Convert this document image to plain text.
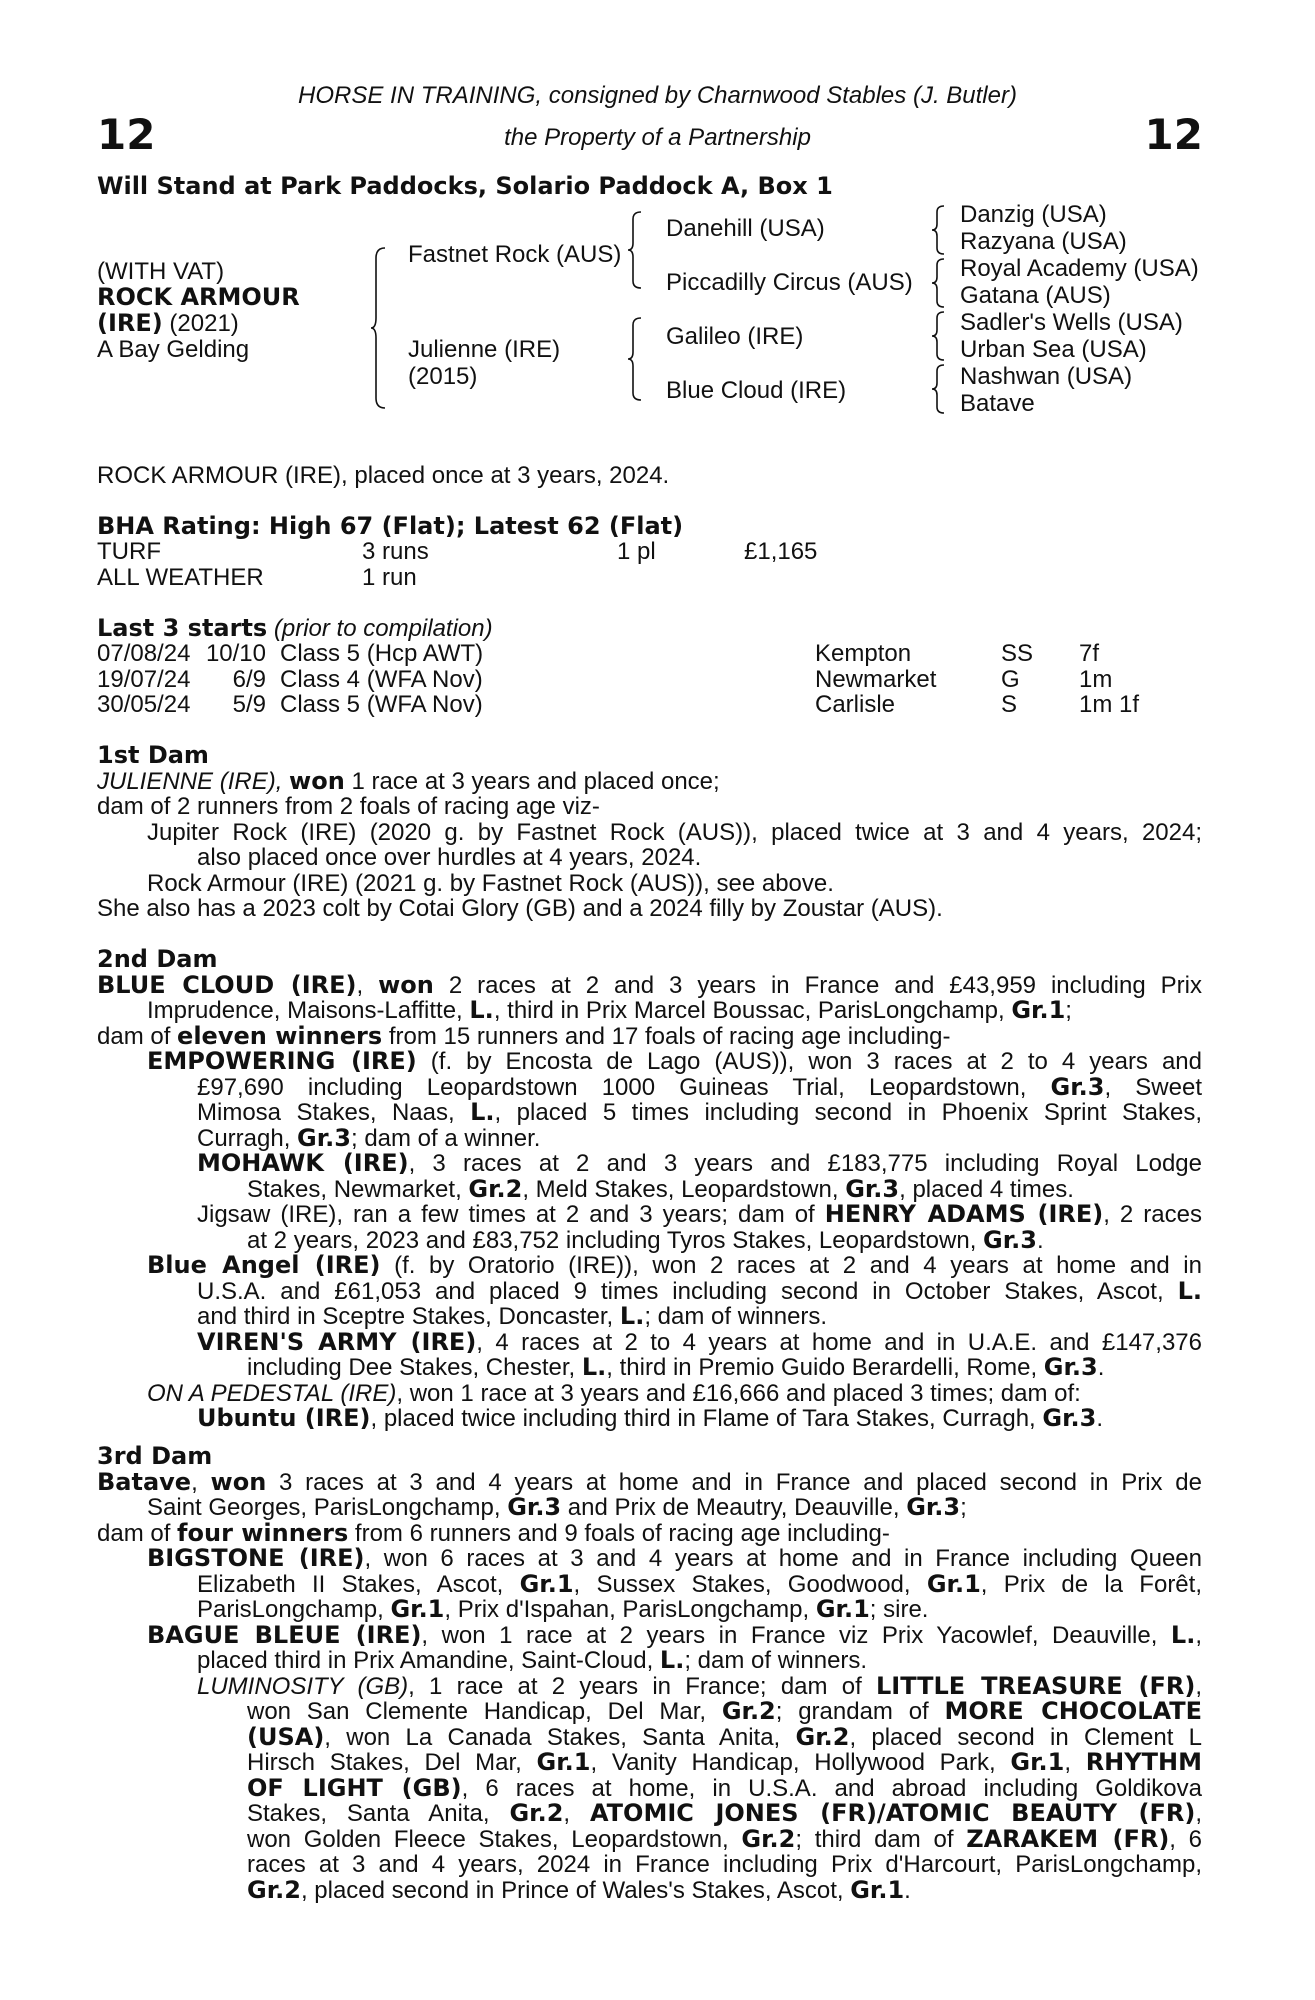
HORSE IN TRAINING, consigned by Charnwood Stables (J. Butler)
the Property of a Partnership
12	12
Will Stand at Park Paddocks, Solario Paddock A, Box 1
(WITH VAT)
ROCK ARMOUR
(IRE) (2021)
A Bay Gelding
Fastnet Rock (AUS)
Julienne (IRE)
(2015)
Danehill (USA)
Piccadilly Circus (AUS)
Galileo (IRE)
Blue Cloud (IRE)
Danzig (USA)
Razyana (USA)
Royal Academy (USA)
Gatana (AUS)
Sadler's Wells (USA)
Urban Sea (USA)
Nashwan (USA)
Batave
ROCK ARMOUR (IRE), placed once at 3 years, 2024.
BHA Rating: High 67 (Flat); Latest 62 (Flat)
TURF	3 runs	1 pl	£1,165
ALL WEATHER	1 run		
Last 3 starts (prior to compilation)
07/08/24	10/10	Class 5 (Hcp AWT)	Kempton	SS	7f
19/07/24	6/9	Class 4 (WFA Nov)	Newmarket	G	1m
30/05/24	5/9	Class 5 (WFA Nov)	Carlisle	S	1m 1f
1st Dam
JULIENNE (IRE), won 1 race at 3 years and placed once;
dam of 2 runners from 2 foals of racing age viz-
Jupiter Rock (IRE) (2020 g. by Fastnet Rock (AUS)), placed twice at 3 and 4 years, 2024;
also placed once over hurdles at 4 years, 2024.
Rock Armour (IRE) (2021 g. by Fastnet Rock (AUS)), see above.
She also has a 2023 colt by Cotai Glory (GB) and a 2024 filly by Zoustar (AUS).
2nd Dam
BLUE CLOUD (IRE), won 2 races at 2 and 3 years in France and £43,959 including Prix
Imprudence, Maisons-Laffitte, L., third in Prix Marcel Boussac, ParisLongchamp, Gr.1;
dam of eleven winners from 15 runners and 17 foals of racing age including-
EMPOWERING (IRE) (f. by Encosta de Lago (AUS)), won 3 races at 2 to 4 years and
£97,690 including Leopardstown 1000 Guineas Trial, Leopardstown, Gr.3, Sweet
Mimosa Stakes, Naas, L., placed 5 times including second in Phoenix Sprint Stakes,
Curragh, Gr.3; dam of a winner.
MOHAWK (IRE), 3 races at 2 and 3 years and £183,775 including Royal Lodge
Stakes, Newmarket, Gr.2, Meld Stakes, Leopardstown, Gr.3, placed 4 times.
Jigsaw (IRE), ran a few times at 2 and 3 years; dam of HENRY ADAMS (IRE), 2 races
at 2 years, 2023 and £83,752 including Tyros Stakes, Leopardstown, Gr.3.
Blue Angel (IRE) (f. by Oratorio (IRE)), won 2 races at 2 and 4 years at home and in
U.S.A. and £61,053 and placed 9 times including second in October Stakes, Ascot, L.
and third in Sceptre Stakes, Doncaster, L.; dam of winners.
VIREN'S ARMY (IRE), 4 races at 2 to 4 years at home and in U.A.E. and £147,376
including Dee Stakes, Chester, L., third in Premio Guido Berardelli, Rome, Gr.3.
ON A PEDESTAL (IRE), won 1 race at 3 years and £16,666 and placed 3 times; dam of:
Ubuntu (IRE), placed twice including third in Flame of Tara Stakes, Curragh, Gr.3.
3rd Dam
Batave, won 3 races at 3 and 4 years at home and in France and placed second in Prix de
Saint Georges, ParisLongchamp, Gr.3 and Prix de Meautry, Deauville, Gr.3;
dam of four winners from 6 runners and 9 foals of racing age including-
BIGSTONE (IRE), won 6 races at 3 and 4 years at home and in France including Queen
Elizabeth II Stakes, Ascot, Gr.1, Sussex Stakes, Goodwood, Gr.1, Prix de la Forêt,
ParisLongchamp, Gr.1, Prix d'Ispahan, ParisLongchamp, Gr.1; sire.
BAGUE BLEUE (IRE), won 1 race at 2 years in France viz Prix Yacowlef, Deauville, L.,
placed third in Prix Amandine, Saint-Cloud, L.; dam of winners.
LUMINOSITY (GB), 1 race at 2 years in France; dam of LITTLE TREASURE (FR),
won San Clemente Handicap, Del Mar, Gr.2; grandam of MORE CHOCOLATE
(USA), won La Canada Stakes, Santa Anita, Gr.2, placed second in Clement L
Hirsch Stakes, Del Mar, Gr.1, Vanity Handicap, Hollywood Park, Gr.1, RHYTHM
OF LIGHT (GB), 6 races at home, in U.S.A. and abroad including Goldikova
Stakes, Santa Anita, Gr.2, ATOMIC JONES (FR)/ATOMIC BEAUTY (FR),
won Golden Fleece Stakes, Leopardstown, Gr.2; third dam of ZARAKEM (FR), 6
races at 3 and 4 years, 2024 in France including Prix d'Harcourt, ParisLongchamp,
Gr.2, placed second in Prince of Wales's Stakes, Ascot, Gr.1.
